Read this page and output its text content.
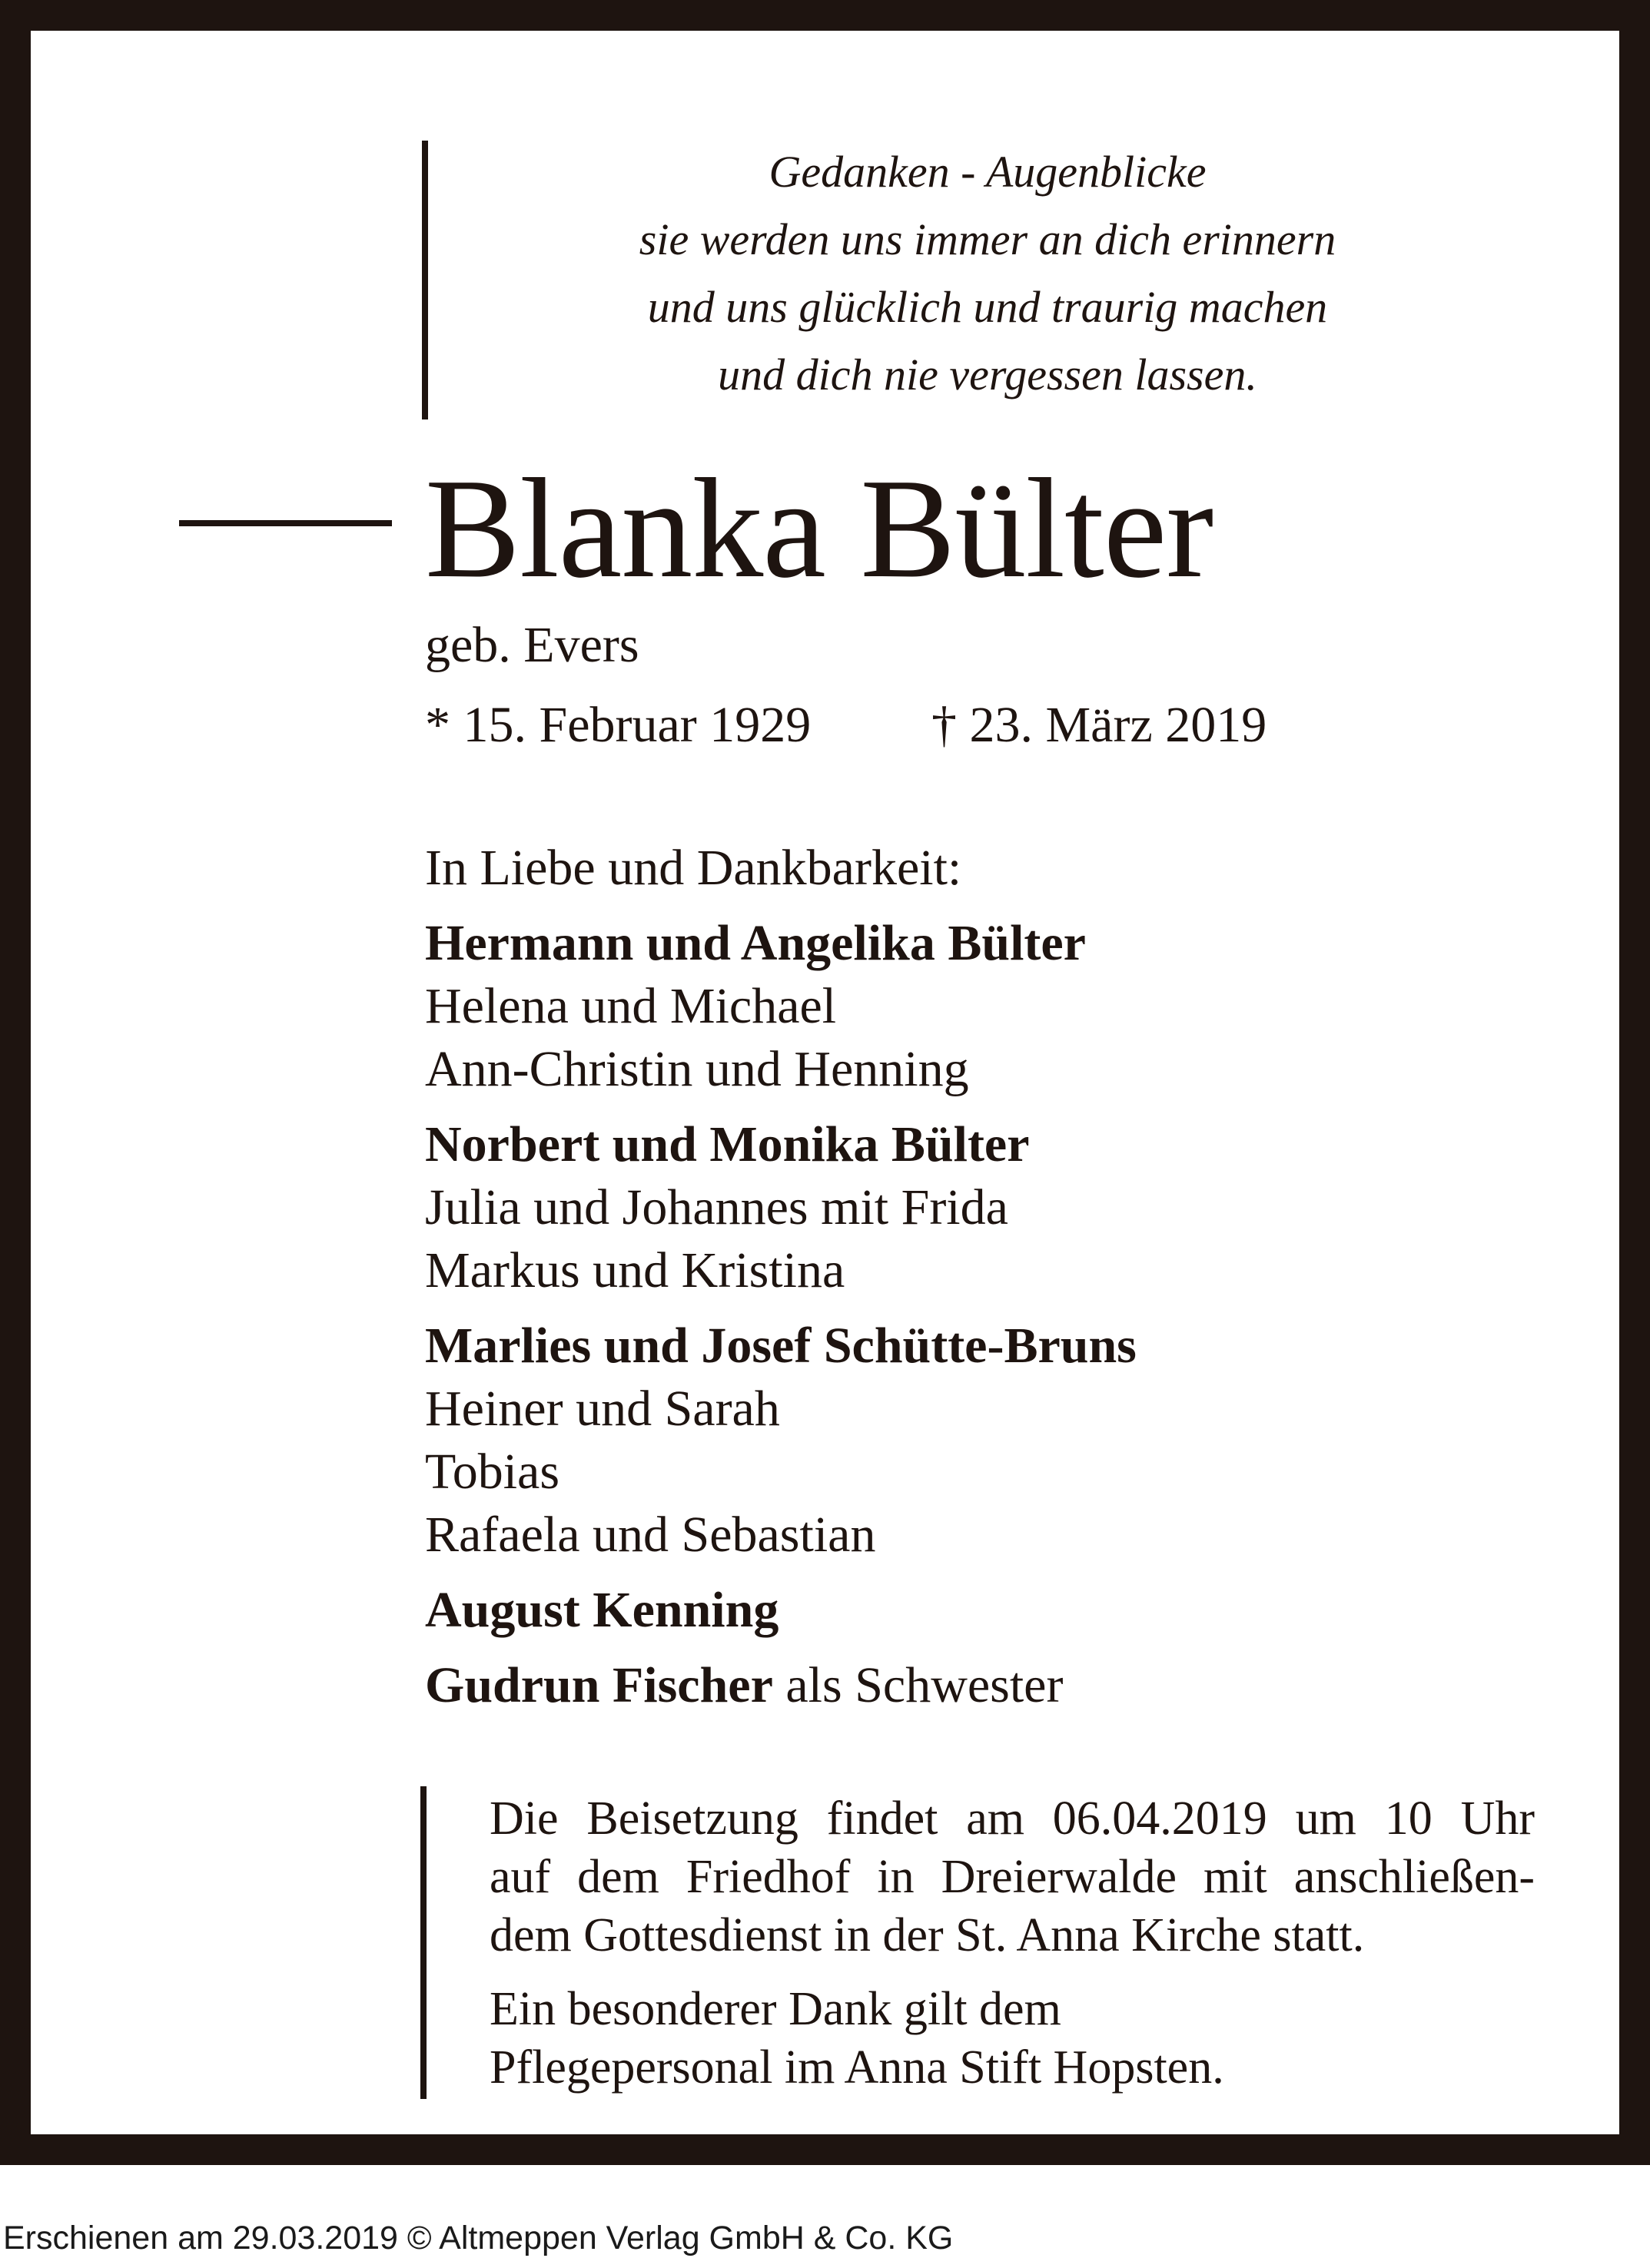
Gedanken - Augenblicke
sie werden uns immer an dich erinnern
und uns glücklich und traurig machen
und dich nie vergessen lassen.
Blanka Bülter
geb. Evers
* 15. Februar 1929 † 23. März 2019
In Liebe und Dankbarkeit:
Hermann und Angelika Bülter
Helena und Michael
Ann-Christin und Henning
Norbert und Monika Bülter
Julia und Johannes mit Frida
Markus und Kristina
Marlies und Josef Schütte-Bruns
Heiner und Sarah
Tobias
Rafaela und Sebastian
August Kenning
Gudrun Fischer als Schwester

Die Beisetzung findet am 06.04.2019 um 10 Uhr
auf dem Friedhof in Dreierwalde mit anschließen-
dem Gottesdienst in der St. Anna Kirche statt.

Ein besonderer Dank gilt dem
Pflegepersonal im Anna Stift Hopsten.

Erschienen am 29.03.2019 © Altmeppen Verlag GmbH & Co. KG
